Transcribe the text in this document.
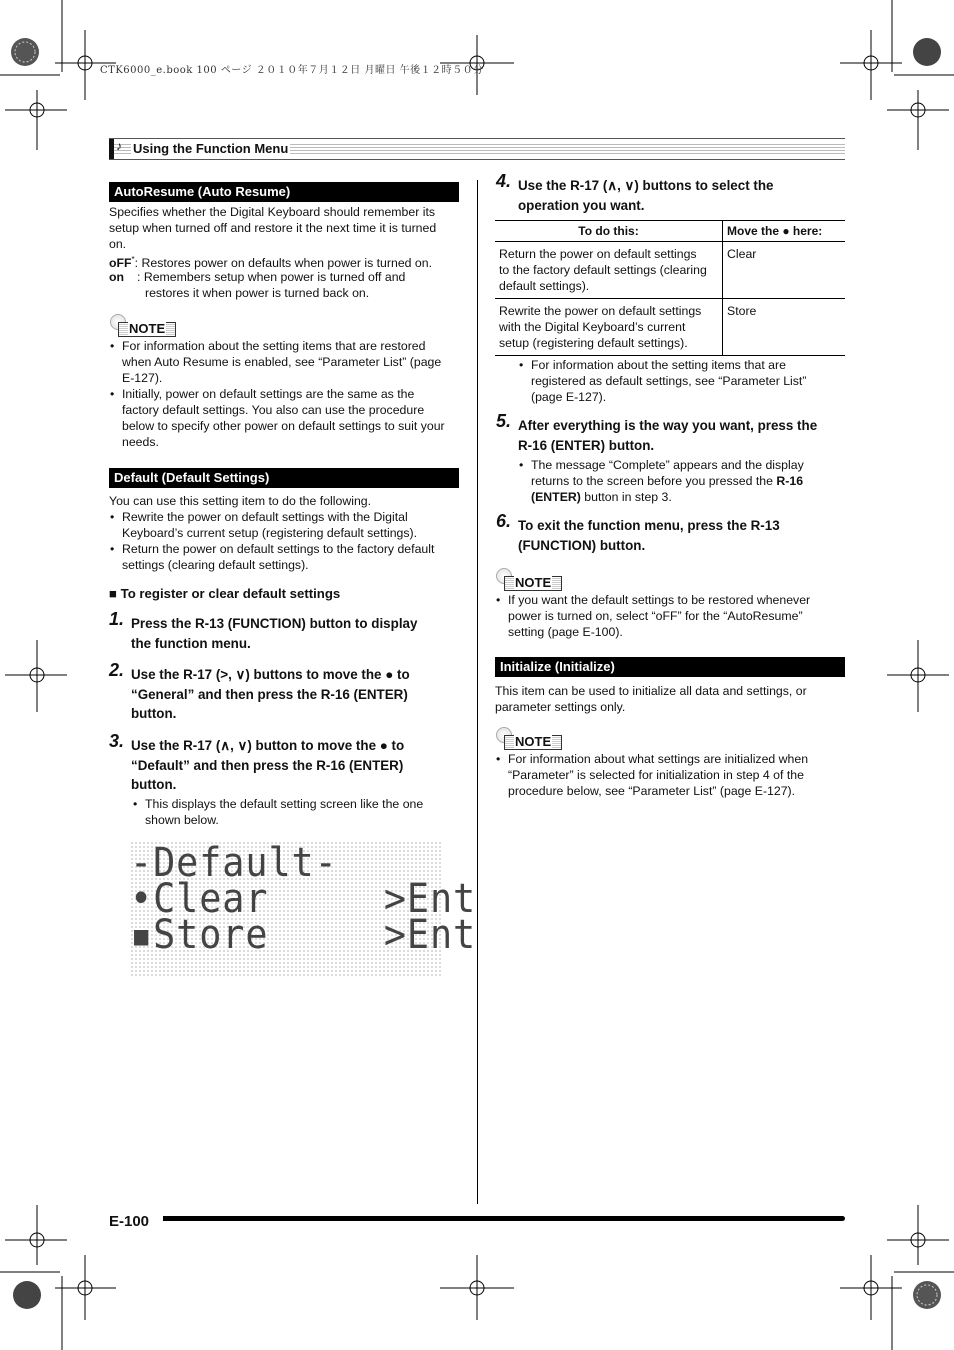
CTK6000_e.book 100 ページ ２０１０年７月１２日 月曜日 午後１２時５０分
♪ Using the Function Menu
AutoResume (Auto Resume)
Specifies whether the Digital Keyboard should remember its
setup when turned off and restore it the next time it is turned
on.
oFF*: Restores power on defaults when power is turned on.
on : Remembers setup when power is turned off and
restores it when power is turned back on.
NOTE
• For information about the setting items that are restored
when Auto Resume is enabled, see “Parameter List” (page
E-127).
• Initially, power on default settings are the same as the
factory default settings. You also can use the procedure
below to specify other power on default settings to suit your
needs.
Default (Default Settings)
You can use this setting item to do the following.
• Rewrite the power on default settings with the Digital
Keyboard’s current setup (registering default settings).
• Return the power on default settings to the factory default
settings (clearing default settings).
■ To register or clear default settings
1. Press the R-13 (FUNCTION) button to display
the function menu.
2. Use the R-17 (>, ∨) buttons to move the ● to
“General” and then press the R-16 (ENTER)
button.
3. Use the R-17 (∧, ∨) button to move the ● to
“Default” and then press the R-16 (ENTER)
button.
• This displays the default setting screen like the one
shown below.
-Default-
•Clear     >Ent
▪Store     >Ent
4. Use the R-17 (∧, ∨) buttons to select the
operation you want.
To do this:	Move the ● here:

Return the power on default settings
to the factory default settings (clearing
default settings).	Clear

Rewrite the power on default settings
with the Digital Keyboard’s current
setup (registering default settings).	Store
• For information about the setting items that are
registered as default settings, see “Parameter List”
(page E-127).
5. After everything is the way you want, press the
R-16 (ENTER) button.
• The message “Complete” appears and the display
returns to the screen before you pressed the R-16
(ENTER) button in step 3.
6. To exit the function menu, press the R-13
(FUNCTION) button.
NOTE
• If you want the default settings to be restored whenever
power is turned on, select “oFF” for the “AutoResume”
setting (page E-100).
Initialize (Initialize)
This item can be used to initialize all data and settings, or
parameter settings only.
NOTE
• For information about what settings are initialized when
“Parameter” is selected for initialization in step 4 of the
procedure below, see “Parameter List” (page E-127).
E-100
